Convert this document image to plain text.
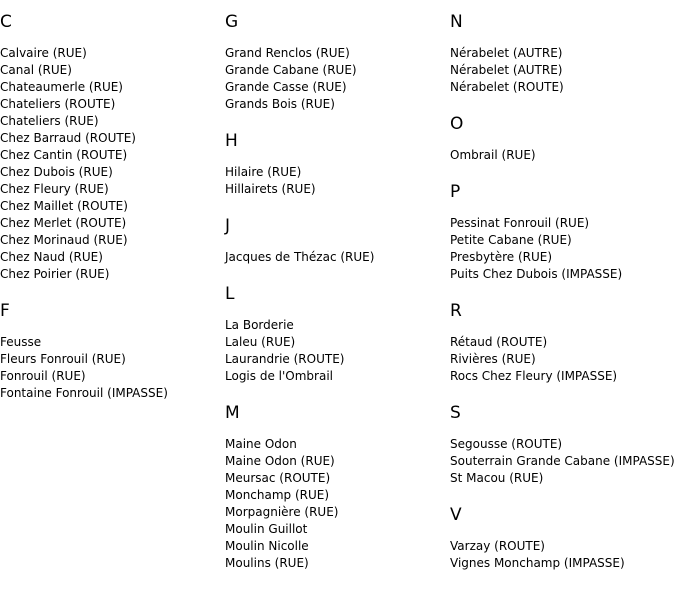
C
Calvaire (RUE)
Canal (RUE)
Chateaumerle (RUE)
Chateliers (ROUTE)
Chateliers (RUE)
Chez Barraud (ROUTE)
Chez Cantin (ROUTE)
Chez Dubois (RUE)
Chez Fleury (RUE)
Chez Maillet (ROUTE)
Chez Merlet (ROUTE)
Chez Morinaud (RUE)
Chez Naud (RUE)
Chez Poirier (RUE)
F
Feusse
Fleurs Fonrouil (RUE)
Fonrouil (RUE)
Fontaine Fonrouil (IMPASSE)
G
Grand Renclos (RUE)
Grande Cabane (RUE)
Grande Casse (RUE)
Grands Bois (RUE)
H
Hilaire (RUE)
Hillairets (RUE)
J
Jacques de Thézac (RUE)
L
La Borderie
Laleu (RUE)
Laurandrie (ROUTE)
Logis de l'Ombrail
M
Maine Odon
Maine Odon (RUE)
Meursac (ROUTE)
Monchamp (RUE)
Morpagnière (RUE)
Moulin Guillot
Moulin Nicolle
Moulins (RUE)
N
Nérabelet (AUTRE)
Nérabelet (AUTRE)
Nérabelet (ROUTE)
O
Ombrail (RUE)
P
Pessinat Fonrouil (RUE)
Petite Cabane (RUE)
Presbytère (RUE)
Puits Chez Dubois (IMPASSE)
R
Rétaud (ROUTE)
Rivières (RUE)
Rocs Chez Fleury (IMPASSE)
S
Segousse (ROUTE)
Souterrain Grande Cabane (IMPASSE)
St Macou (RUE)
V
Varzay (ROUTE)
Vignes Monchamp (IMPASSE)
